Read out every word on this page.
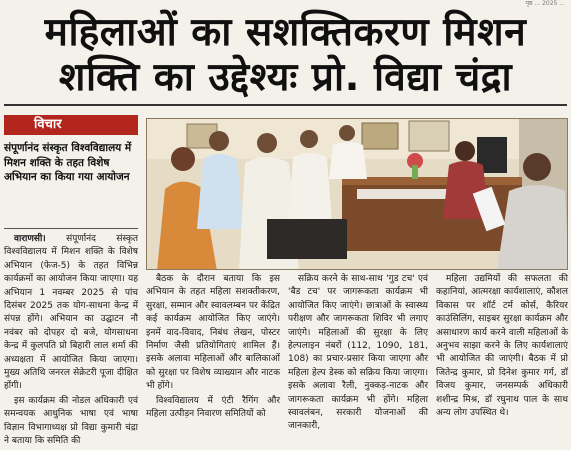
पृष्ठ ... 2025 ...
महिलाओं का सशक्तिकरण मिशन
शक्ति का उद्देश्यः प्रो. विद्या चंद्रा
विचार
संपूर्णानंद संस्कृत विश्वविद्यालय में मिशन शक्ति के तहत विशेष अभियान का किया गया आयोजन

वाराणसी। संपूर्णानंद संस्कृत विश्वविद्यालय में मिशन शक्ति के विशेष अभियान (फेज-5) के तहत विभिन्न कार्यक्रमों का आयोजन किया जाएगा। यह अभियान 1 नवम्बर 2025 से पांच दिसंबर 2025 तक योग-साधना केन्द्र में संपन्न होंगे। अभियान का उद्घाटन नौ नवंबर को दोपहर दो बजे, योगसाधना केन्द्र में कुलपति प्रो बिहारी लाल शर्मा की अध्यक्षता में आयोजित किया जाएगा। मुख्य अतिथि जनरल सेक्रेटरी पूजा दीक्षित होंगी।

इस कार्यक्रम की नोडल अधिकारी एवं समन्वयक आधुनिक भाषा एवं भाषा विज्ञान विभागाध्यक्ष प्रो विद्या कुमारी चंद्रा ने बताया कि समिति की

बैठक के दौरान बताया कि इस अभियान के तहत महिला सशक्तीकरण, सुरक्षा, सम्मान और स्वावलम्बन पर केंद्रित कई कार्यक्रम आयोजित किए जाएंगे। इनमें वाद-विवाद, निबंध लेखन, पोस्टर निर्माण जैसी प्रतियोगिताएं शामिल हैं। इसके अलावा महिलाओं और बालिकाओं को सुरक्षा पर विशेष व्याख्यान और नाटक भी होंगे।

विश्वविद्यालय में एंटी रैगिंग और महिला उत्पीड़न निवारण समितियों को

सक्रिय करने के साथ-साथ 'गुड टच' एवं 'बैड टच' पर जागरूकता कार्यक्रम भी आयोजित किए जाएंगे। छात्राओं के स्वास्थ्य परीक्षण और जागरूकता शिविर भी लगाए जाएंगे। महिलाओं की सुरक्षा के लिए हेल्पलाइन नंबरों (112, 1090, 181, 108) का प्रचार-प्रसार किया जाएगा और महिला हेल्प डेस्क को सक्रिय किया जाएगा। इसके अलावा रैली, नुक्कड़-नाटक और जागरूकता कार्यक्रम भी होंगे। महिला स्वावलंबन, सरकारी योजनाओं की जानकारी,

महिला उद्यमियों की सफलता की कहानियां, आत्मरक्षा कार्यशालाएं, कौशल विकास पर शॉर्ट टर्म कोर्स, कैरियर काउंसिलिंग, साइबर सुरक्षा कार्यक्रम और असाधारण कार्य करने वाली महिलाओं के अनुभव साझा करने के लिए कार्यशालाएं भी आयोजित की जाएंगी। बैठक में प्रो जितेन्द्र कुमार, प्रो दिनेश कुमार गर्ग, डॉ विजय कुमार, जनसम्पर्क अधिकारी शशीन्द्र मिश्र, डॉ रघुनाथ पाल के साथ अन्य लोग उपस्थित थे।
